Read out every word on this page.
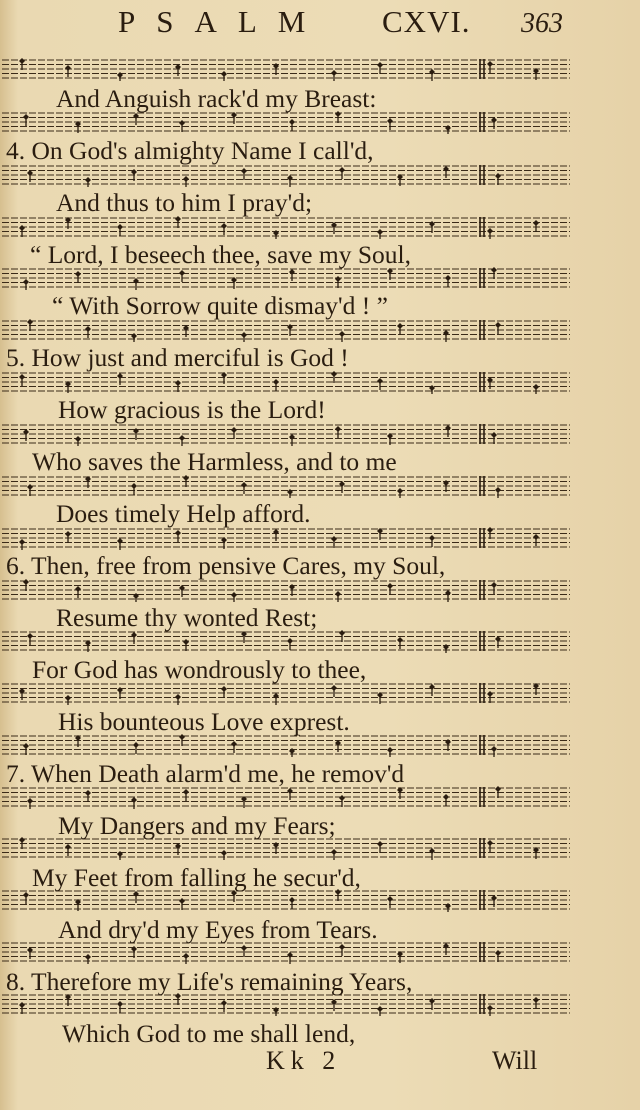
PSALM CXVI. 363
And Anguish rack'd my Breast:
4. On God's almighty Name I call'd,
And thus to him I pray'd;
“ Lord, I beseech thee, save my Soul,
“ With Sorrow quite dismay'd ! ”
5. How just and merciful is God !
How gracious is the Lord!
Who saves the Harmless, and to me
Does timely Help afford.
6. Then, free from pensive Cares, my Soul,
Resume thy wonted Rest;
For God has wondrously to thee,
His bounteous Love exprest.
7. When Death alarm'd me, he remov'd
My Dangers and my Fears;
My Feet from falling he secur'd,
And dry'd my Eyes from Tears.
8. Therefore my Life's remaining Years,
Which God to me shall lend,
Kk 2	Will
